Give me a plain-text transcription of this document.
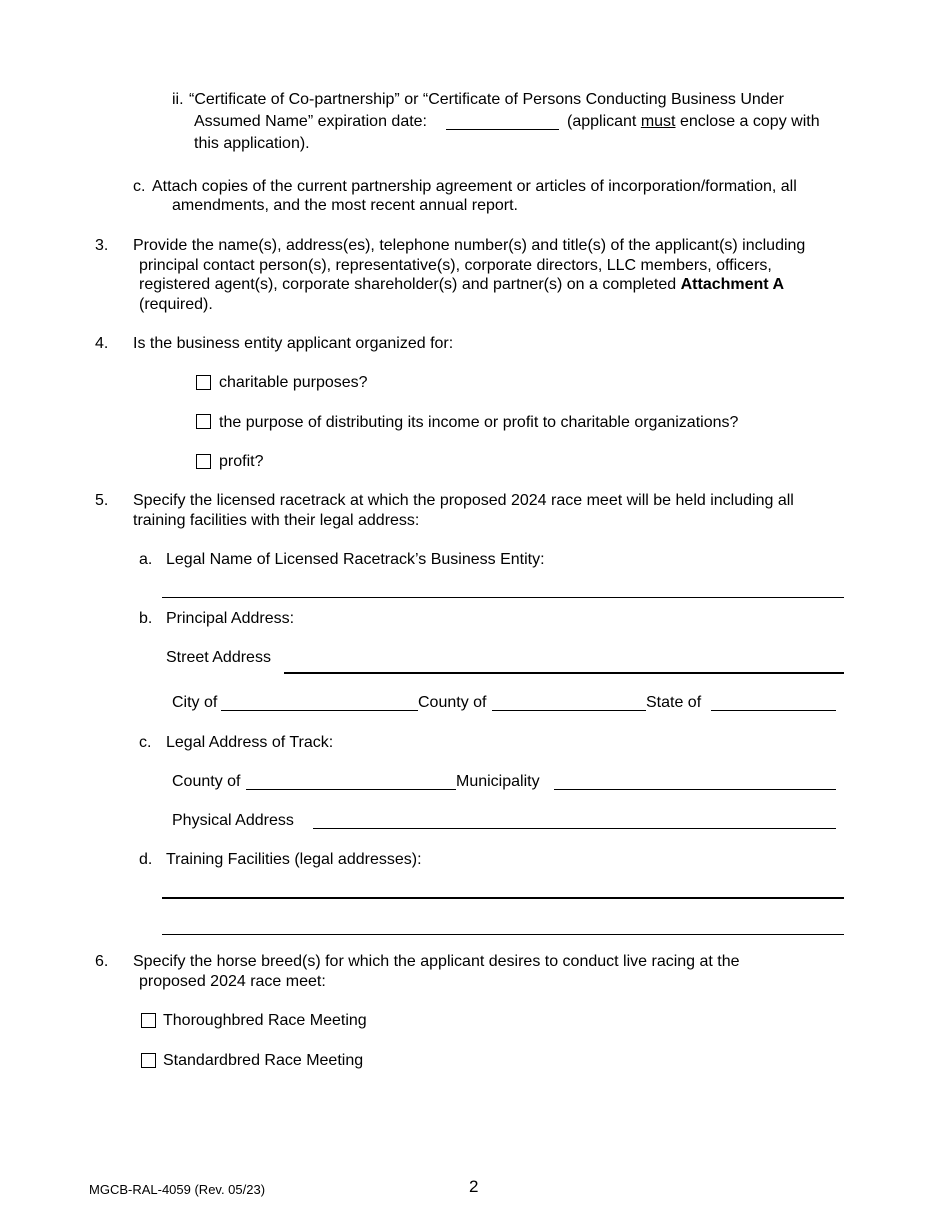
ii. “Certificate of Co-partnership” or “Certificate of Persons Conducting Business Under
Assumed Name” expiration date:	(applicant must enclose a copy with
this application).
c. Attach copies of the current partnership agreement or articles of incorporation/formation, all
amendments, and the most recent annual report.
3. Provide the name(s), address(es), telephone number(s) and title(s) of the applicant(s) including
principal contact person(s), representative(s), corporate directors, LLC members, officers,
registered agent(s), corporate shareholder(s) and partner(s) on a completed Attachment A
(required).
4. Is the business entity applicant organized for:
charitable purposes?
the purpose of distributing its income or profit to charitable organizations?
profit?
5. Specify the licensed racetrack at which the proposed 2024 race meet will be held including all
training facilities with their legal address:
a. Legal Name of Licensed Racetrack’s Business Entity:
b. Principal Address:
Street Address
City of	County of	State of
c. Legal Address of Track:
County of	Municipality
Physical Address
d. Training Facilities (legal addresses):
6. Specify the horse breed(s) for which the applicant desires to conduct live racing at the
proposed 2024 race meet:
Thoroughbred Race Meeting
Standardbred Race Meeting
MGCB-RAL-4059 (Rev. 05/23)	2
